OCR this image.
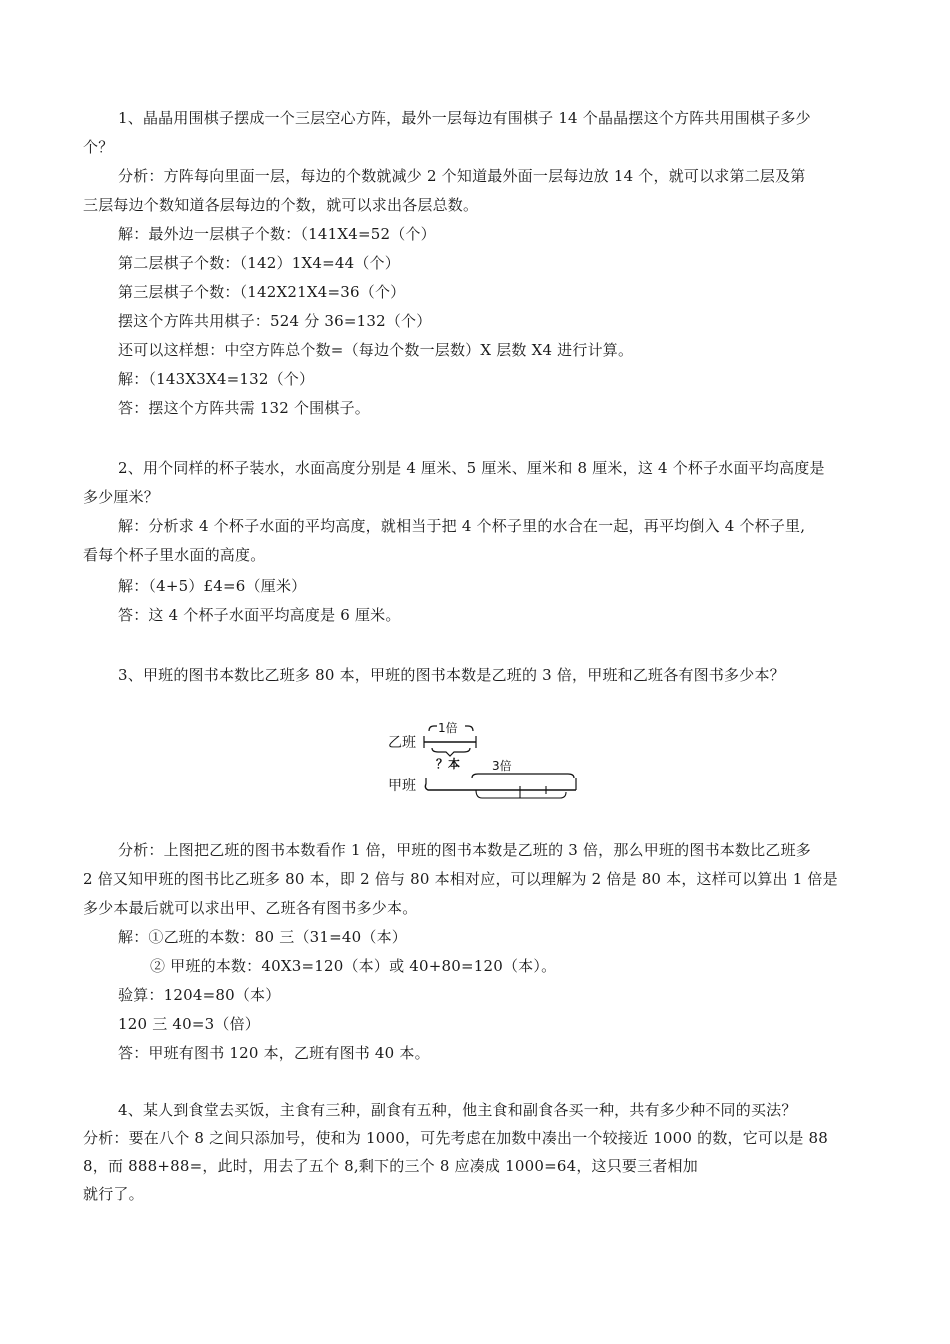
1、晶晶用围棋子摆成一个三层空心方阵，最外一层每边有围棋子 14 个晶晶摆这个方阵共用围棋子多少
个？
分析：方阵每向里面一层，每边的个数就减少 2 个知道最外面一层每边放 14 个，就可以求第二层及第
三层每边个数知道各层每边的个数，就可以求出各层总数。
解：最外边一层棋子个数：（141X4=52（个）
第二层棋子个数：（142）1X4=44（个）
第三层棋子个数：（142X21X4=36（个）
摆这个方阵共用棋子：524 分 36=132（个）
还可以这样想：中空方阵总个数=（每边个数一层数）X 层数 X4 进行计算。
解：（143X3X4=132（个）
答：摆这个方阵共需 132 个围棋子。
2、用个同样的杯子装水，水面高度分别是 4 厘米、5 厘米、厘米和 8 厘米，这 4 个杯子水面平均高度是
多少厘米？
解：分析求 4 个杯子水面的平均高度，就相当于把 4 个杯子里的水合在一起，再平均倒入 4 个杯子里,
看每个杯子里水面的高度。
解：（4+5）£4=6（厘米）
答：这 4 个杯子水面平均高度是 6 厘米。
3、甲班的图书本数比乙班多 80 本，甲班的图书本数是乙班的 3 倍，甲班和乙班各有图书多少本？
乙班
1倍
？本	3倍
甲班
分析：上图把乙班的图书本数看作 1 倍，甲班的图书本数是乙班的 3 倍，那么甲班的图书本数比乙班多
2 倍又知甲班的图书比乙班多 80 本，即 2 倍与 80 本相对应，可以理解为 2 倍是 80 本，这样可以算出 1 倍是
多少本最后就可以求出甲、乙班各有图书多少本。
解：①乙班的本数：80 三（31=40（本）
② 甲班的本数：40X3=120（本）或 40+80=120（本）。
验算：1204=80（本）
120 三 40=3（倍）
答：甲班有图书 120 本，乙班有图书 40 本。
4、某人到食堂去买饭，主食有三种，副食有五种，他主食和副食各买一种，共有多少种不同的买法？
分析：要在八个 8 之间只添加号，使和为 1000，可先考虑在加数中凑出一个较接近 1000 的数，它可以是 88
8，而 888+88=，此时，用去了五个 8,剩下的三个 8 应凑成 1000=64，这只要三者相加
就行了。
